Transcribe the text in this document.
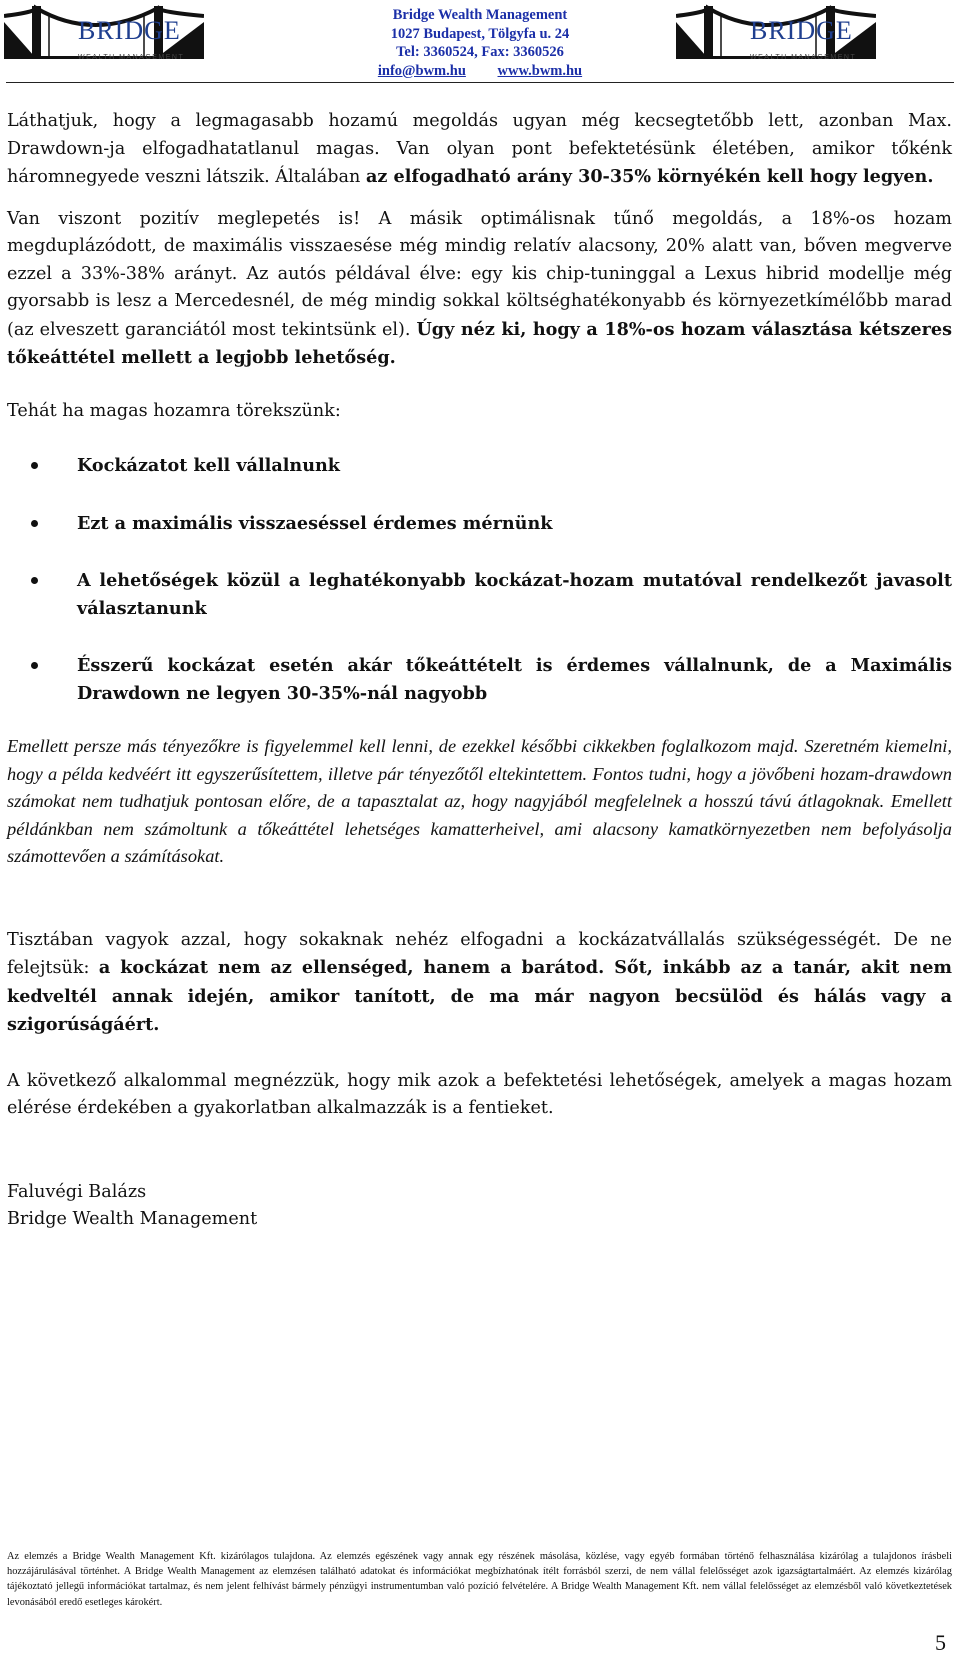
BRIDGE
WEALTH MANAGEMENT
Bridge Wealth Management
1027 Budapest, Tölgyfa u. 24
Tel: 3360524, Fax: 3360526
info@bwm.hu www.bwm.hu
BRIDGE
WEALTH MANAGEMENT

Láthatjuk, hogy a legmagasabb hozamú megoldás ugyan még kecsegtetőbb lett, azonban Max. Drawdown-ja elfogadhatatlanul magas. Van olyan pont befektetésünk életében, amikor tőkénk háromnegyede veszni látszik. Általában az elfogadható arány 30-35% környékén kell hogy legyen.

Van viszont pozitív meglepetés is! A másik optimálisnak tűnő megoldás, a 18%-os hozam megduplázódott, de maximális visszaesése még mindig relatív alacsony, 20% alatt van, bőven megverve ezzel a 33%-38% arányt. Az autós példával élve: egy kis chip-tuninggal a Lexus hibrid modellje még gyorsabb is lesz a Mercedesnél, de még mindig sokkal költséghatékonyabb és környezetkímélőbb marad (az elveszett garanciától most tekintsünk el). Úgy néz ki, hogy a 18%-os hozam választása kétszeres tőkeáttétel mellett a legjobb lehetőség.

Tehát ha magas hozamra törekszünk:

Kockázatot kell vállalnunk
Ezt a maximális visszaeséssel érdemes mérnünk
A lehetőségek közül a leghatékonyabb kockázat-hozam mutatóval rendelkezőt javasolt választanunk
Ésszerű kockázat esetén akár tőkeáttételt is érdemes vállalnunk, de a Maximális Drawdown ne legyen 30-35%-nál nagyobb

Emellett persze más tényezőkre is figyelemmel kell lenni, de ezekkel későbbi cikkekben foglalkozom majd. Szeretném kiemelni, hogy a példa kedvéért itt egyszerűsítettem, illetve pár tényezőtől eltekintettem. Fontos tudni, hogy a jövőbeni hozam-drawdown számokat nem tudhatjuk pontosan előre, de a tapasztalat az, hogy nagyjából megfelelnek a hosszú távú átlagoknak. Emellett példánkban nem számoltunk a tőkeáttétel lehetséges kamatterheivel, ami alacsony kamatkörnyezetben nem befolyásolja számottevően a számításokat.

Tisztában vagyok azzal, hogy sokaknak nehéz elfogadni a kockázatvállalás szükségességét. De ne felejtsük: a kockázat nem az ellenséged, hanem a barátod. Sőt, inkább az a tanár, akit nem kedveltél annak idején, amikor tanított, de ma már nagyon becsülöd és hálás vagy a szigorúságáért.

A következő alkalommal megnézzük, hogy mik azok a befektetési lehetőségek, amelyek a magas hozam elérése érdekében a gyakorlatban alkalmazzák is a fentieket.

Faluvégi Balázs
Bridge Wealth Management
Az elemzés a Bridge Wealth Management Kft. kizárólagos tulajdona. Az elemzés egészének vagy annak egy részének másolása, közlése, vagy egyéb formában történő felhasználása kizárólag a tulajdonos írásbeli hozzájárulásával történhet. A Bridge Wealth Management az elemzésen található adatokat és információkat megbízhatónak ítélt forrásból szerzi, de nem vállal felelősséget azok igazságtartalmáért. Az elemzés kizárólag tájékoztató jellegű információkat tartalmaz, és nem jelent felhívást bármely pénzügyi instrumentumban való pozíció felvételére. A Bridge Wealth Management Kft. nem vállal felelősséget az elemzésből való következtetések levonásából eredő esetleges károkért.
5
